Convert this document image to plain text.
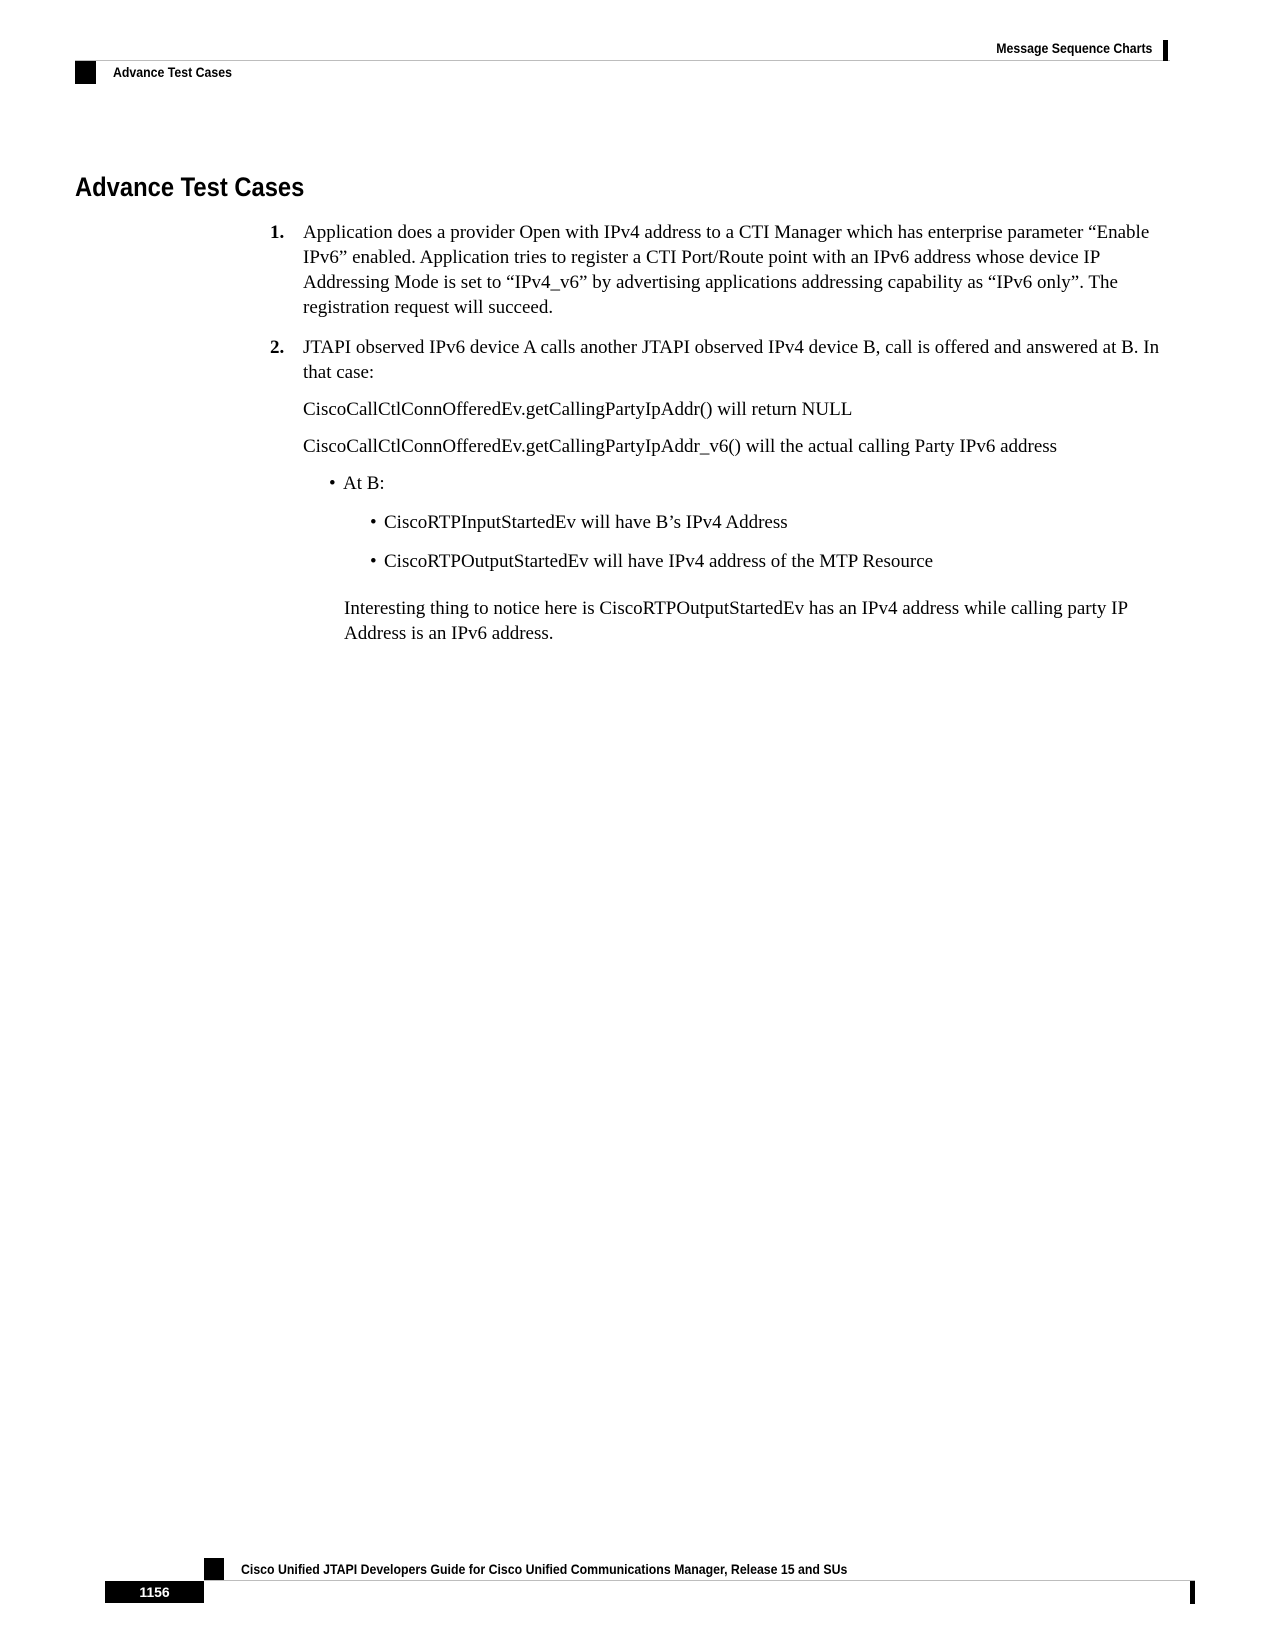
Message Sequence Charts
Advance Test Cases
Advance Test Cases
1. Application does a provider Open with IPv4 address to a CTI Manager which has enterprise parameter “Enable IPv6” enabled. Application tries to register a CTI Port/Route point with an IPv6 address whose device IP Addressing Mode is set to “IPv4_v6” by advertising applications addressing capability as “IPv6 only”. The registration request will succeed.

2. JTAPI observed IPv6 device A calls another JTAPI observed IPv4 device B, call is offered and answered at B. In that case:

CiscoCallCtlConnOfferedEv.getCallingPartyIpAddr() will return NULL

CiscoCallCtlConnOfferedEv.getCallingPartyIpAddr_v6() will the actual calling Party IPv6 address

• At B:
• CiscoRTPInputStartedEv will have B’s IPv4 Address
• CiscoRTPOutputStartedEv will have IPv4 address of the MTP Resource

Interesting thing to notice here is CiscoRTPOutputStartedEv has an IPv4 address while calling party IP Address is an IPv6 address.

Cisco Unified JTAPI Developers Guide for Cisco Unified Communications Manager, Release 15 and SUs
1156
